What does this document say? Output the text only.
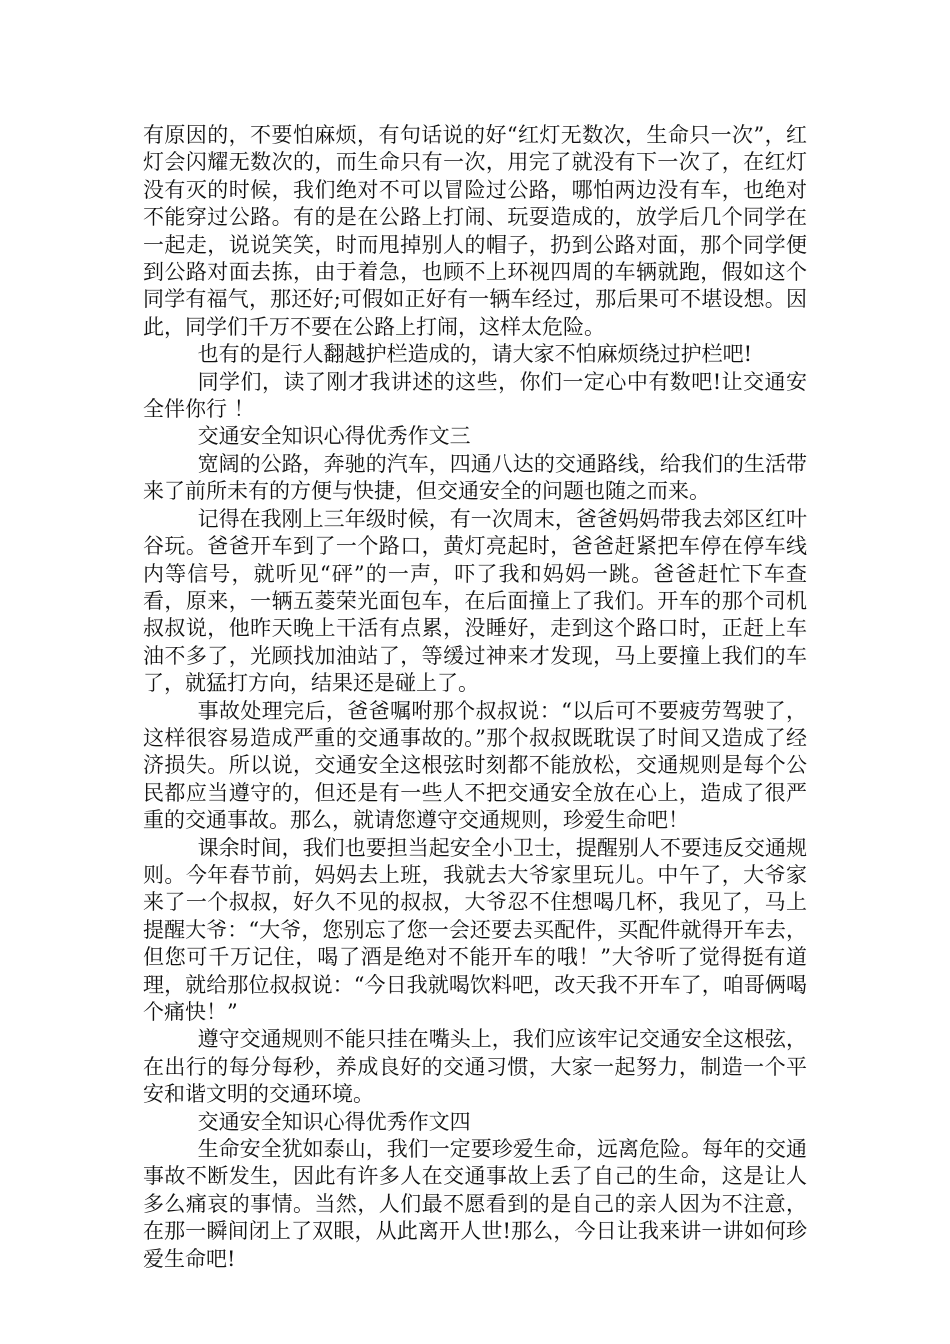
有原因的，不要怕麻烦，有句话说的好“红灯无数次，生命只一次”，红灯会闪耀无数次的，而生命只有一次，用完了就没有下一次了，在红灯没有灭的时候，我们绝对不可以冒险过公路，哪怕两边没有车，也绝对不能穿过公路。有的是在公路上打闹、玩耍造成的，放学后几个同学在一起走，说说笑笑，时而甩掉别人的帽子，扔到公路对面，那个同学便到公路对面去拣，由于着急，也顾不上环视四周的车辆就跑，假如这个同学有福气，那还好;可假如正好有一辆车经过，那后果可不堪设想。因此，同学们千万不要在公路上打闹，这样太危险。

也有的是行人翻越护栏造成的，请大家不怕麻烦绕过护栏吧!

同学们，读了刚才我讲述的这些，你们一定心中有数吧!让交通安全伴你行 ！

交通安全知识心得优秀作文三

宽阔的公路，奔驰的汽车，四通八达的交通路线，给我们的生活带来了前所未有的方便与快捷，但交通安全的问题也随之而来。

记得在我刚上三年级时候，有一次周末，爸爸妈妈带我去郊区红叶谷玩。爸爸开车到了一个路口，黄灯亮起时，爸爸赶紧把车停在停车线内等信号，就听见“砰”的一声，吓了我和妈妈一跳。爸爸赶忙下车查看，原来，一辆五菱荣光面包车，在后面撞上了我们。开车的那个司机叔叔说，他昨天晚上干活有点累，没睡好，走到这个路口时，正赶上车油不多了，光顾找加油站了，等缓过神来才发现，马上要撞上我们的车了，就猛打方向，结果还是碰上了。

事故处理完后，爸爸嘱咐那个叔叔说：“以后可不要疲劳驾驶了，这样很容易造成严重的交通事故的。”那个叔叔既耽误了时间又造成了经济损失。所以说，交通安全这根弦时刻都不能放松，交通规则是每个公民都应当遵守的，但还是有一些人不把交通安全放在心上，造成了很严重的交通事故。那么，就请您遵守交通规则，珍爱生命吧！

课余时间，我们也要担当起安全小卫士，提醒别人不要违反交通规则。今年春节前，妈妈去上班，我就去大爷家里玩儿。中午了，大爷家来了一个叔叔，好久不见的叔叔，大爷忍不住想喝几杯，我见了，马上提醒大爷：“大爷，您别忘了您一会还要去买配件，买配件就得开车去，但您可千万记住，喝了酒是绝对不能开车的哦！”大爷听了觉得挺有道理，就给那位叔叔说：“今日我就喝饮料吧，改天我不开车了，咱哥俩喝个痛快！”

遵守交通规则不能只挂在嘴头上，我们应该牢记交通安全这根弦，在出行的每分每秒，养成良好的交通习惯，大家一起努力，制造一个平安和谐文明的交通环境。

交通安全知识心得优秀作文四

生命安全犹如泰山，我们一定要珍爱生命，远离危险。每年的交通事故不断发生，因此有许多人在交通事故上丢了自己的生命，这是让人多么痛哀的事情。当然，人们最不愿看到的是自己的亲人因为不注意，在那一瞬间闭上了双眼，从此离开人世!那么，今日让我来讲一讲如何珍爱生命吧!
